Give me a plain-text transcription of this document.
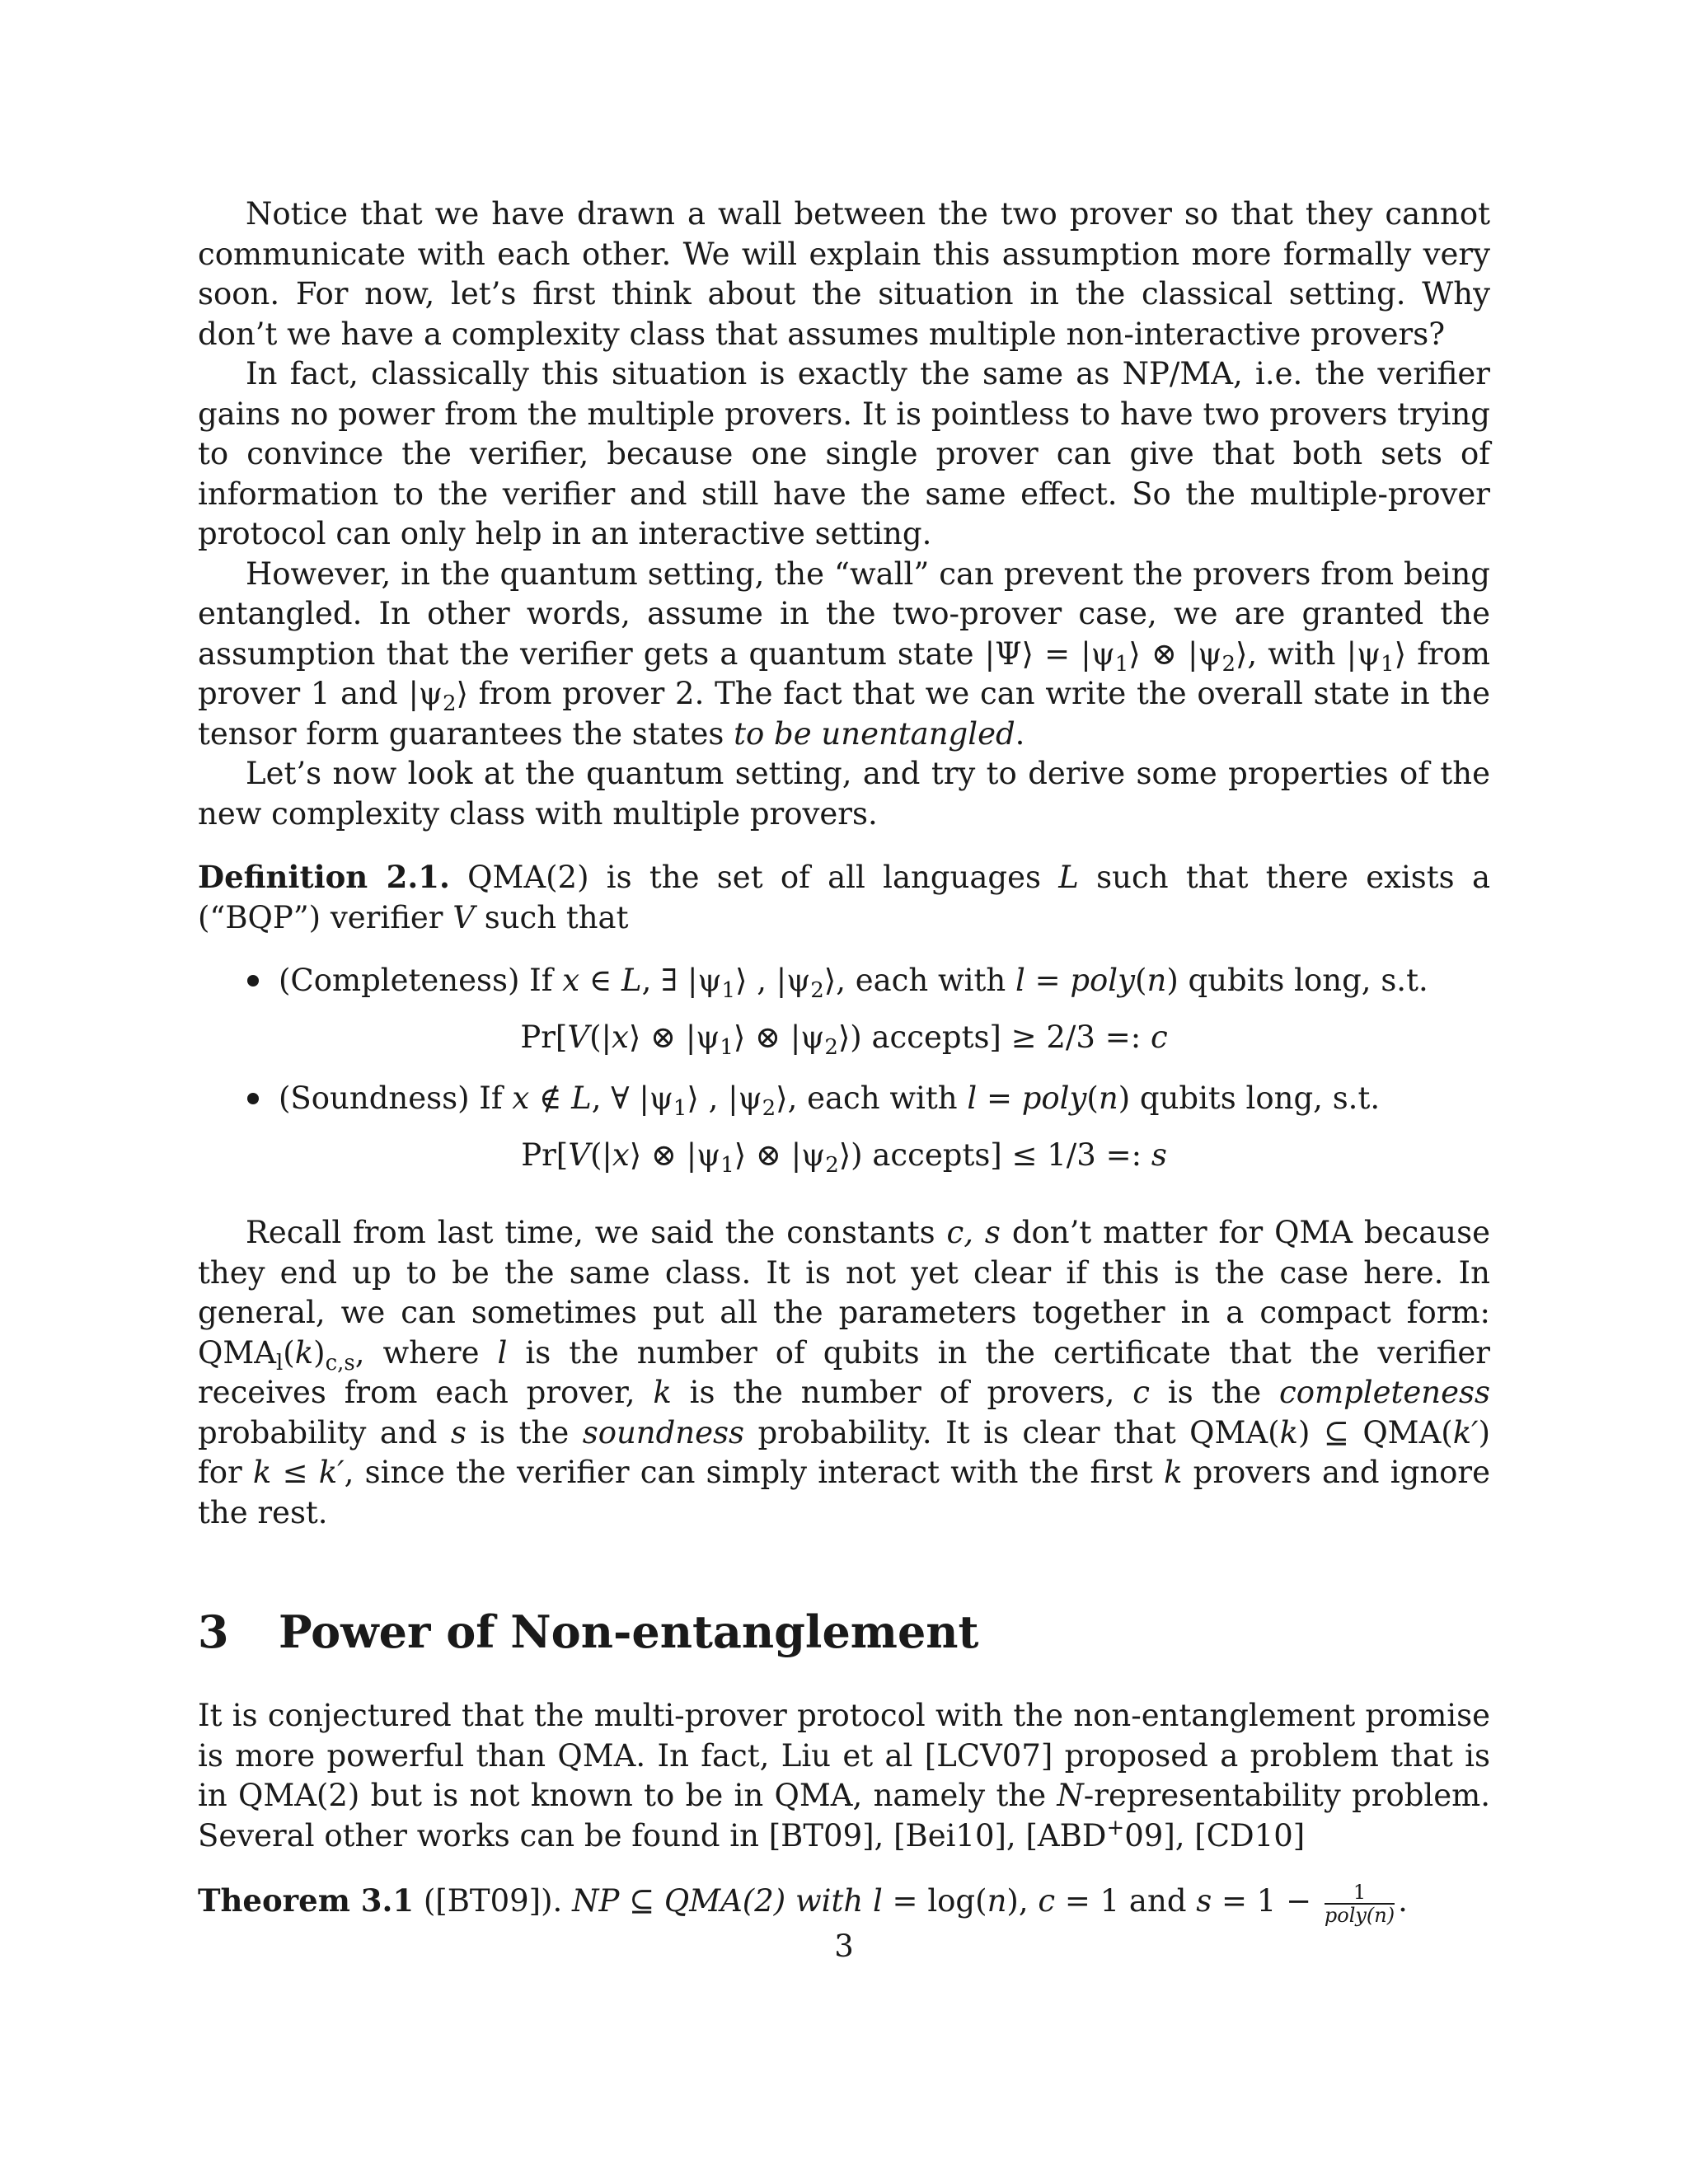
Notice that we have drawn a wall between the two prover so that they cannot communicate with each other. We will explain this assumption more formally very soon. For now, let’s first think about the situation in the classical setting. Why don’t we have a complexity class that assumes multiple non-interactive provers?

In fact, classically this situation is exactly the same as NP/MA, i.e. the verifier gains no power from the multiple provers. It is pointless to have two provers trying to convince the verifier, because one single prover can give that both sets of information to the verifier and still have the same effect. So the multiple-prover protocol can only help in an interactive setting.

However, in the quantum setting, the “wall” can prevent the provers from being entangled. In other words, assume in the two-prover case, we are granted the assumption that the verifier gets a quantum state |Ψ⟩ = $|\psi_1⟩$ ⊗ $|\psi_2⟩$, with $|\psi_1⟩$ from prover 1 and $|\psi_2⟩$ from prover 2. The fact that we can write the overall state in the tensor form guarantees the states to be unentangled.

Let’s now look at the quantum setting, and try to derive some properties of the new complexity class with multiple provers.

Definition 2.1. QMA(2) is the set of all languages L such that there exists a (“BQP”) verifier V such that

(Completeness) If x ∈ L, ∃ $|\psi_1⟩$ , $|\psi_2⟩$, each with l = poly(n) qubits long, s.t.
Pr[V(|x⟩ ⊗ $|\psi_1⟩$ ⊗ $|\psi_2⟩$) accepts] ≥ 2/3 =: c
(Soundness) If x ∉ L, ∀ $|\psi_1⟩$ , $|\psi_2⟩$, each with l = poly(n) qubits long, s.t.
Pr[V(|x⟩ ⊗ $|\psi_1⟩$ ⊗ $|\psi_2⟩$) accepts] ≤ 1/3 =: s

Recall from last time, we said the constants c, s don’t matter for QMA because they end up to be the same class. It is not yet clear if this is the case here. In general, we can sometimes put all the parameters together in a compact form: $QMA_l(k)_{c,s}$, where l is the number of qubits in the certificate that the verifier receives from each prover, k is the number of provers, c is the completeness probability and s is the soundness probability. It is clear that QMA(k) ⊆ QMA(k′) for k ≤ k′, since the verifier can simply interact with the first k provers and ignore the rest.

3 Power of Non-entanglement

It is conjectured that the multi-prover protocol with the non-entanglement promise is more powerful than QMA. In fact, Liu et al [LCV07] proposed a problem that is in QMA(2) but is not known to be in QMA, namely the N-representability problem. Several other works can be found in [BT09], [Bei10], [ABD+09], [CD10]

Theorem 3.1 ([BT09]). NP ⊆ QMA(2) with l = log(n), c = 1 and $s = 1 - \frac{1}{\text{poly(n)}}$ .

3
